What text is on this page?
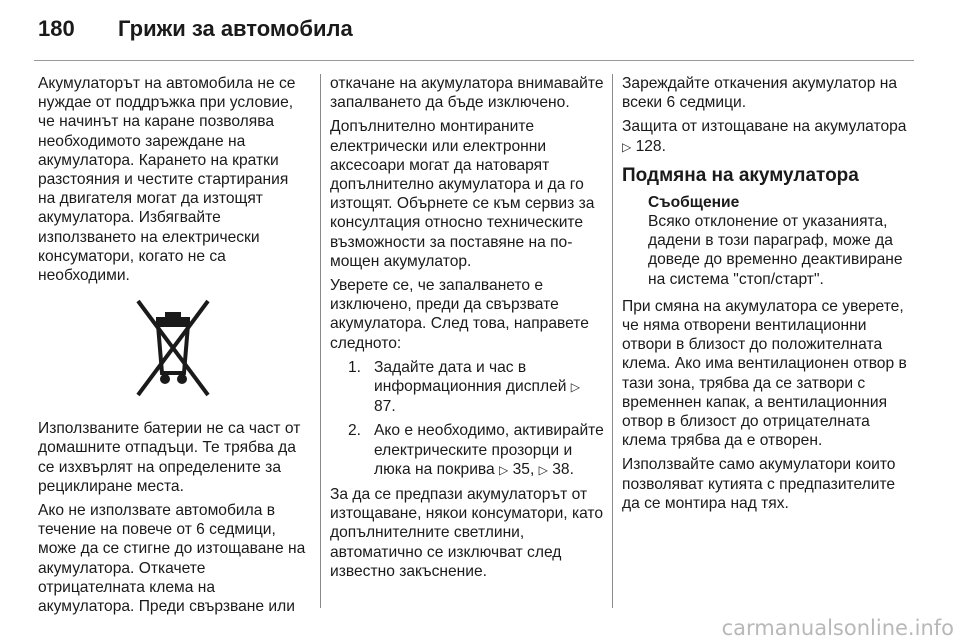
180 Грижи за автомобила

Акумулаторът на автомобила не се нуждае от поддръжка при условие, че начинът на каране позволява необходимото зареждане на акумулатора. Карането на кратки разстояния и честите стартирания на двигателя могат да изтощят акумулатора. Избягвайте използването на електрически консуматори, когато не са необходими.

Използваните батерии не са част от домашните отпадъци. Те трябва да се изхвърлят на определените за рециклиране места.

Ако не използвате автомобила в течение на повече от 6 седмици, може да се стигне до изтощаване на акумулатора. Откачете отрицателната клема на акумулатора. Преди свързване или

откачане на акумулатора внимавайте запалването да бъде изключено.

Допълнително монтираните електрически или електронни аксесоари могат да натоварят допълнително акумулатора и да го изтощят. Обърнете се към сервиз за консултация относно техническите възможности за поставяне на по-мощен акумулатор.

Уверете се, че запалването е изключено, преди да свързвате акумулатора. След това, направете следното:

1. Задайте дата и час в информационния дисплей ▷ 87.
2. Ако е необходимо, активирайте електрическите прозорци и люка на покрива ▷ 35, ▷ 38.

За да се предпази акумулаторът от изтощаване, някои консуматори, като допълнителните светлини, автоматично се изключват след известно закъснение.

Зареждайте откачения акумулатор на всеки 6 седмици.

Защита от изтощаване на акумулатора ▷ 128.

Подмяна на акумулатора
Съобщение
Всяко отклонение от указанията, дадени в този параграф, може да доведе до временно деактивиране на система "стоп/старт".

При смяна на акумулатора се уверете, че няма отворени вентилационни отвори в близост до положителната клема. Ако има вентилационен отвор в тази зона, трябва да се затвори с временнен капак, а вентилационния отвор в близост до отрицателната клема трябва да е отворен.

Използвайте само акумулатори които позволяват кутията с предпазителите да се монтира над тях.

carmanualsonline.info
